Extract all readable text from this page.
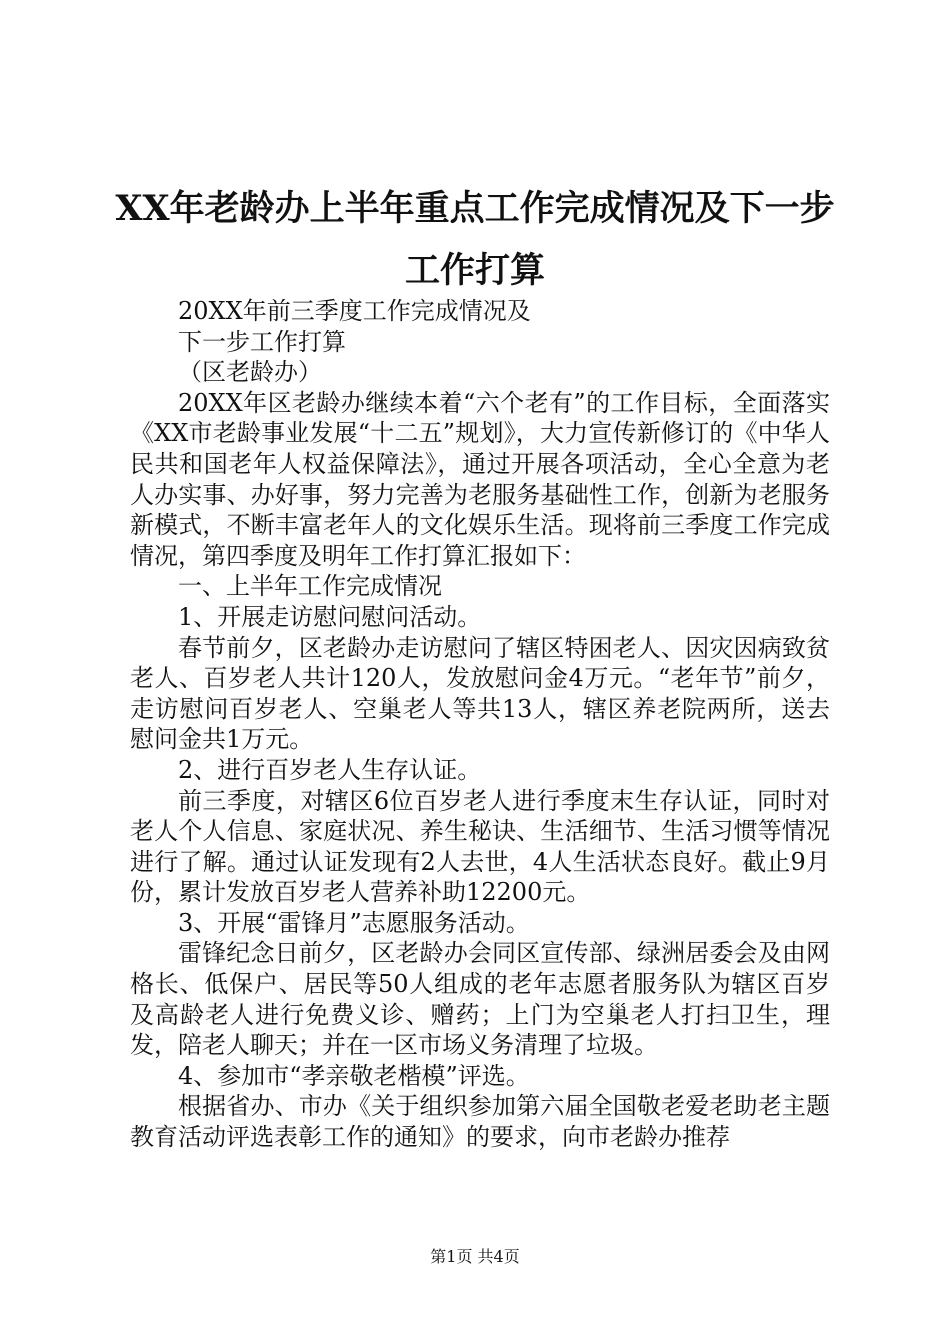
XX年老龄办上半年重点工作完成情况及下一步工作打算

20XX年前三季度工作完成情况及

下一步工作打算

（区老龄办）

20XX年区老龄办继续本着“六个老有”的工作目标，全面落实《XX市老龄事业发展“十二五”规划》，大力宣传新修订的《中华人民共和国老年人权益保障法》，通过开展各项活动，全心全意为老人办实事、办好事，努力完善为老服务基础性工作，创新为老服务新模式，不断丰富老年人的文化娱乐生活。现将前三季度工作完成情况，第四季度及明年工作打算汇报如下：

一、上半年工作完成情况

1、开展走访慰问慰问活动。

春节前夕，区老龄办走访慰问了辖区特困老人、因灾因病致贫老人、百岁老人共计120人，发放慰问金4万元。“老年节”前夕，走访慰问百岁老人、空巢老人等共13人，辖区养老院两所，送去慰问金共1万元。

2、进行百岁老人生存认证。

前三季度，对辖区6位百岁老人进行季度末生存认证，同时对老人个人信息、家庭状况、养生秘诀、生活细节、生活习惯等情况进行了解。通过认证发现有2人去世，4人生活状态良好。截止9月份，累计发放百岁老人营养补助12200元。

3、开展“雷锋月”志愿服务活动。

雷锋纪念日前夕，区老龄办会同区宣传部、绿洲居委会及由网格长、低保户、居民等50人组成的老年志愿者服务队为辖区百岁及高龄老人进行免费义诊、赠药；上门为空巢老人打扫卫生，理发，陪老人聊天；并在一区市场义务清理了垃圾。

4、参加市“孝亲敬老楷模”评选。

根据省办、市办《关于组织参加第六届全国敬老爱老助老主题教育活动评选表彰工作的通知》的要求，向市老龄办推荐

第1页 共4页
